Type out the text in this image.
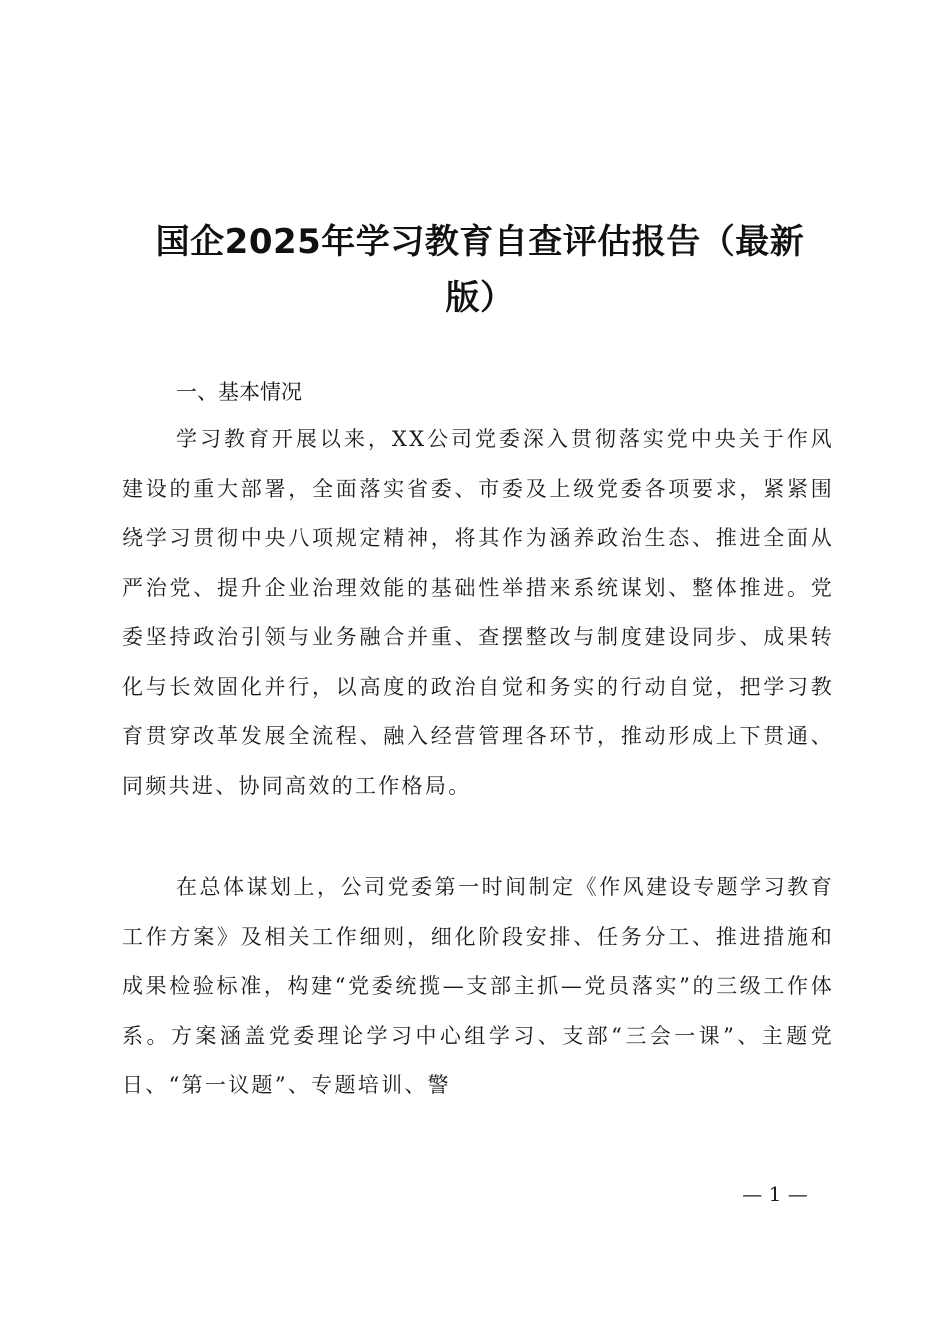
国企2025年学习教育自查评估报告（最新
版）
一、基本情况

学习教育开展以来，XX公司党委深入贯彻落实党中央关于作风建设的重大部署，全面落实省委、市委及上级党委各项要求，紧紧围绕学习贯彻中央八项规定精神，将其作为涵养政治生态、推进全面从严治党、提升企业治理效能的基础性举措来系统谋划、整体推进。党委坚持政治引领与业务融合并重、查摆整改与制度建设同步、成果转化与长效固化并行，以高度的政治自觉和务实的行动自觉，把学习教育贯穿改革发展全流程、融入经营管理各环节，推动形成上下贯通、同频共进、协同高效的工作格局。

在总体谋划上，公司党委第一时间制定《作风建设专题学习教育工作方案》及相关工作细则，细化阶段安排、任务分工、推进措施和成果检验标准，构建“党委统揽—支部主抓—党员落实”的三级工作体系。方案涵盖党委理论学习中心组学习、支部“三会一课”、主题党日、“第一议题”、专题培训、警

— 1 —
